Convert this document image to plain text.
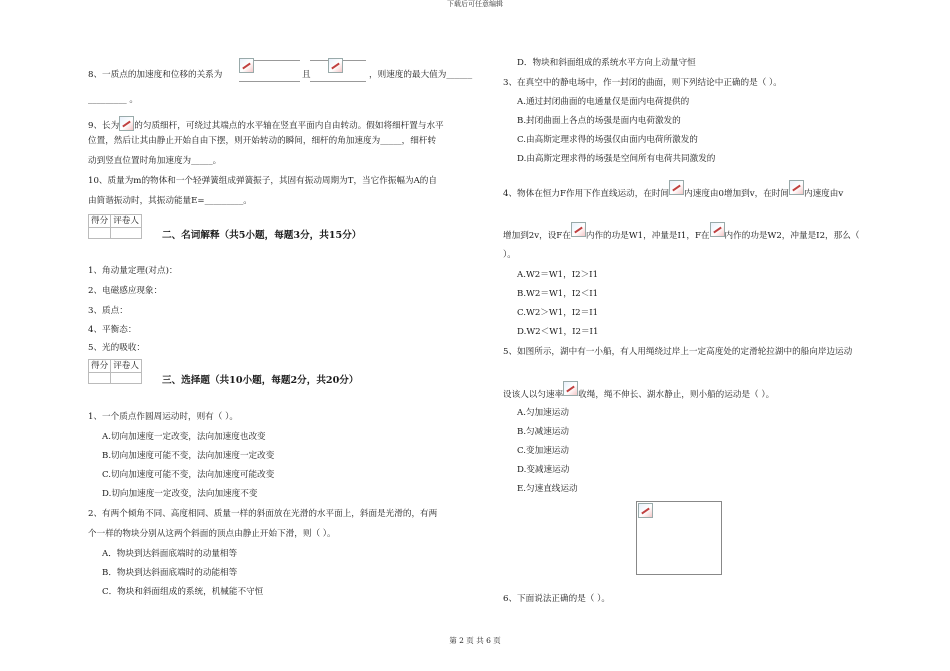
下载后可任意编辑
第 2 页 共 6 页
8、一质点的加速度和位移的关系为
	且	，则速度的最大值为______
_________ 。
9、长为 的匀质细杆，可绕过其端点的水平轴在竖直平面内自由转动。假如将细杆置与水平
位置，然后让其由静止开始自由下摆，则开始转动的瞬间，细杆的角加速度为_____，细杆转
动到竖直位置时角加速度为_____。
10、质量为m的物体和一个轻弹簧组成弹簧振子，其固有振动周期为T，当它作振幅为A的自
由简谐振动时，其振动能量E=_________。
得分	评卷人

二、名词解释（共5小题，每题3分，共15分）
1、角动量定理(对点)：
2、电磁感应现象：
3、质点：
4、平衡态：
5、光的吸收：
得分	评卷人

三、选择题（共10小题，每题2分，共20分）
1、一个质点作圆周运动时，则有（ ）。
A.切向加速度一定改变，法向加速度也改变
B.切向加速度可能不变，法向加速度一定改变
C.切向加速度可能不变，法向加速度可能改变
D.切向加速度一定改变，法向加速度不变
2、有两个倾角不同、高度相同、质量一样的斜面放在光滑的水平面上，斜面是光滑的，有两
个一样的物块分别从这两个斜面的顶点由静止开始下滑，则（ ）。
A．物块到达斜面底端时的动量相等
B．物块到达斜面底端时的动能相等
C．物块和斜面组成的系统，机械能不守恒
D．物块和斜面组成的系统水平方向上动量守恒
3、在真空中的静电场中，作一封闭的曲面，则下列结论中正确的是（ ）。
A.通过封闭曲面的电通量仅是面内电荷提供的
B.封闭曲面上各点的场强是面内电荷激发的
C.由高斯定理求得的场强仅由面内电荷所激发的
D.由高斯定理求得的场强是空间所有电荷共同激发的
4、物体在恒力F作用下作直线运动，在时间 内速度由0增加到v，在时间 内速度由v
增加到2v，设F在 内作的功是W1，冲量是I1，F在 内作的功是W2，冲量是I2，那么（
）。
A.W2＝W1，I2＞I1
B.W2＝W1，I2＜I1
C.W2＞W1，I2＝I1
D.W2＜W1，I2＝I1
5、如图所示，湖中有一小船，有人用绳绕过岸上一定高度处的定滑轮拉湖中的船向岸边运动
设该人以匀速率 收绳，绳不伸长、湖水静止，则小船的运动是（ ）。
A.匀加速运动
B.匀减速运动
C.变加速运动
D.变减速运动
E.匀速直线运动
6、下面说法正确的是（ ）。
